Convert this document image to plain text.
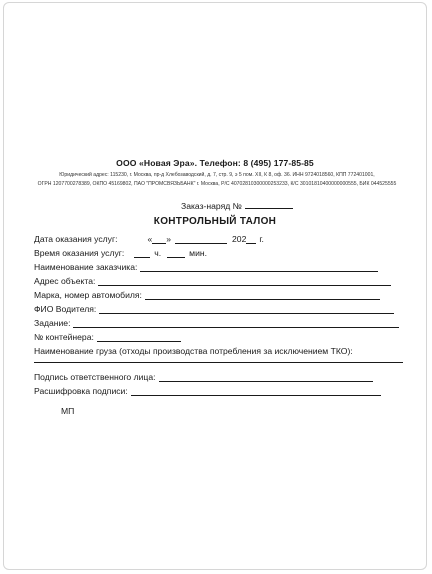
ООО «Новая Эра». Телефон: 8 (495) 177-85-85
Юридический адрес: 115230, г. Москва, пр-д Хлебозаводский, д. 7, стр. 9, э 5 пом. XII, К 8, оф. 36. ИНН 9724018560, КПП 772401001,
ОГРН 1207700278389, ОКПО 45169802, ПАО "ПРОМСВЯЗЬБАНК" г. Москва, Р/С 40702810300000253233, К/С 30101810400000000555, БИК 044525555
Заказ-наряд №
КОНТРОЛЬНЫЙ ТАЛОН
Дата оказания услуг:	« »	202 г.
Время оказания услуг:	ч.	мин.
Наименование заказчика:
Адрес объекта:
Марка, номер автомобиля:
ФИО Водителя:
Задание:
№ контейнера:
Наименование груза (отходы производства потребления за исключением ТКО):
Подпись ответственного лица:
Расшифровка подписи:
МП
